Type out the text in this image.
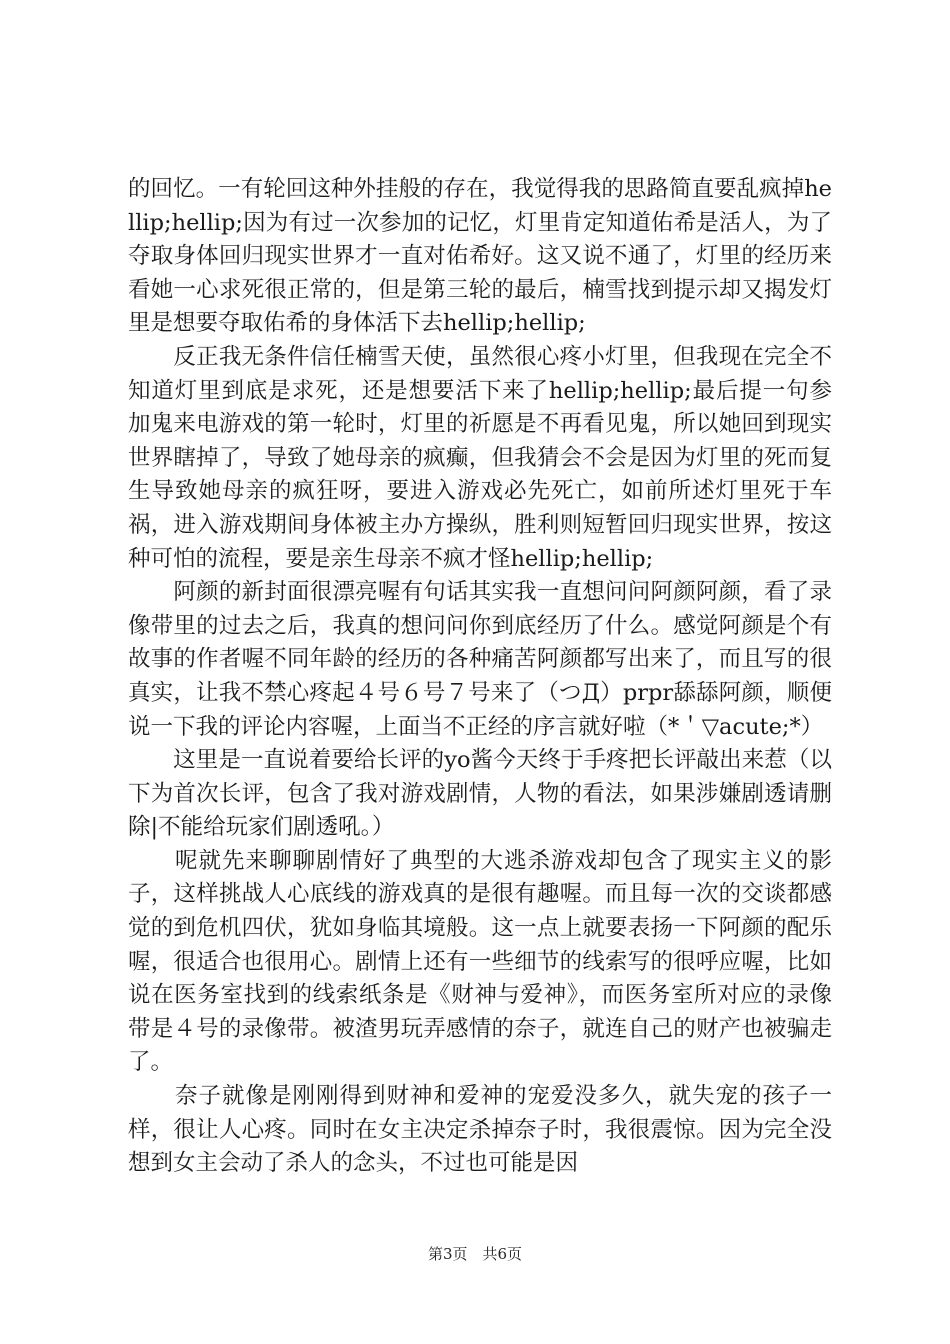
的回忆。一有轮回这种外挂般的存在，我觉得我的思路简直要乱疯掉hellip;hellip;因为有过一次参加的记忆，灯里肯定知道佑希是活人，为了夺取身体回归现实世界才一直对佑希好。这又说不通了，灯里的经历来看她一心求死很正常的，但是第三轮的最后，楠雪找到提示却又揭发灯里是想要夺取佑希的身体活下去hellip;hellip;

　　反正我无条件信任楠雪天使，虽然很心疼小灯里，但我现在完全不知道灯里到底是求死，还是想要活下来了hellip;hellip;最后提一句参加鬼来电游戏的第一轮时，灯里的祈愿是不再看见鬼，所以她回到现实世界瞎掉了，导致了她母亲的疯癫，但我猜会不会是因为灯里的死而复生导致她母亲的疯狂呀，要进入游戏必先死亡，如前所述灯里死于车祸，进入游戏期间身体被主办方操纵，胜利则短暂回归现实世界，按这种可怕的流程，要是亲生母亲不疯才怪hellip;hellip;

　　阿颜的新封面很漂亮喔有句话其实我一直想问问阿颜阿颜，看了录像带里的过去之后，我真的想问问你到底经历了什么。感觉阿颜是个有故事的作者喔不同年龄的经历的各种痛苦阿颜都写出来了，而且写的很真实，让我不禁心疼起４号６号７号来了（つД）prpr舔舔阿颜，顺便说一下我的评论内容喔，上面当不正经的序言就好啦（*＇▽acute;*）

　　这里是一直说着要给长评的yo酱今天终于手疼把长评敲出来惹（以下为首次长评，包含了我对游戏剧情，人物的看法，如果涉嫌剧透请删除|不能给玩家们剧透吼。）

　　呢就先来聊聊剧情好了典型的大逃杀游戏却包含了现实主义的影子，这样挑战人心底线的游戏真的是很有趣喔。而且每一次的交谈都感觉的到危机四伏，犹如身临其境般。这一点上就要表扬一下阿颜的配乐喔，很适合也很用心。剧情上还有一些细节的线索写的很呼应喔，比如说在医务室找到的线索纸条是《财神与爱神》，而医务室所对应的录像带是４号的录像带。被渣男玩弄感情的奈子，就连自己的财产也被骗走了。

　　奈子就像是刚刚得到财神和爱神的宠爱没多久，就失宠的孩子一样，很让人心疼。同时在女主决定杀掉奈子时，我很震惊。因为完全没想到女主会动了杀人的念头，不过也可能是因

第3页　共6页
